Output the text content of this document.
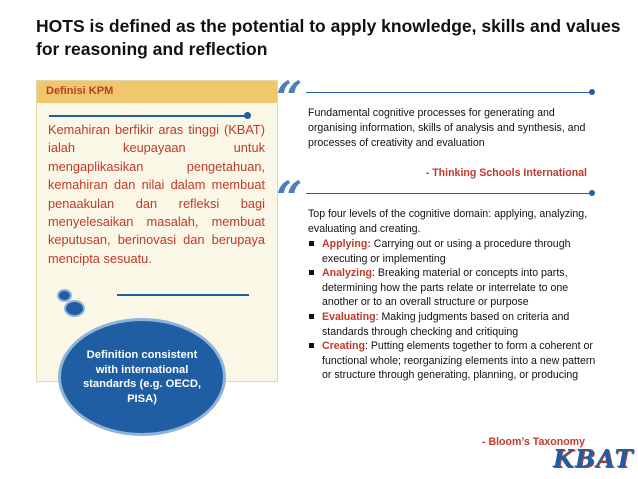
HOTS is defined as the potential to apply knowledge, skills and values
for reasoning and reflection
Definisi KPM
Kemahiran berfikir aras tinggi (KBAT) ialah keupayaan untuk mengaplikasikan pengetahuan, kemahiran dan nilai dalam membuat penaakulan dan refleksi bagi menyelesaikan masalah, membuat keputusan, berinovasi dan berupaya mencipta sesuatu.
Definition consistent with international standards (e.g. OECD, PISA)
“ Fundamental cognitive processes for generating and organising information, skills of analysis and synthesis, and processes of creativity and evaluation
- Thinking Schools International
“ Top four levels of the cognitive domain: applying, analyzing, evaluating and creating.
Applying: Carrying out or using a procedure through executing or implementing
Analyzing: Breaking material or concepts into parts, determining how the parts relate or interrelate to one another or to an overall structure or purpose
Evaluating: Making judgments based on criteria and standards through checking and critiquing
Creating: Putting elements together to form a coherent or functional whole; reorganizing elements into a new pattern or structure through generating, planning, or producing
- Bloom’s Taxonomy
KBAT
